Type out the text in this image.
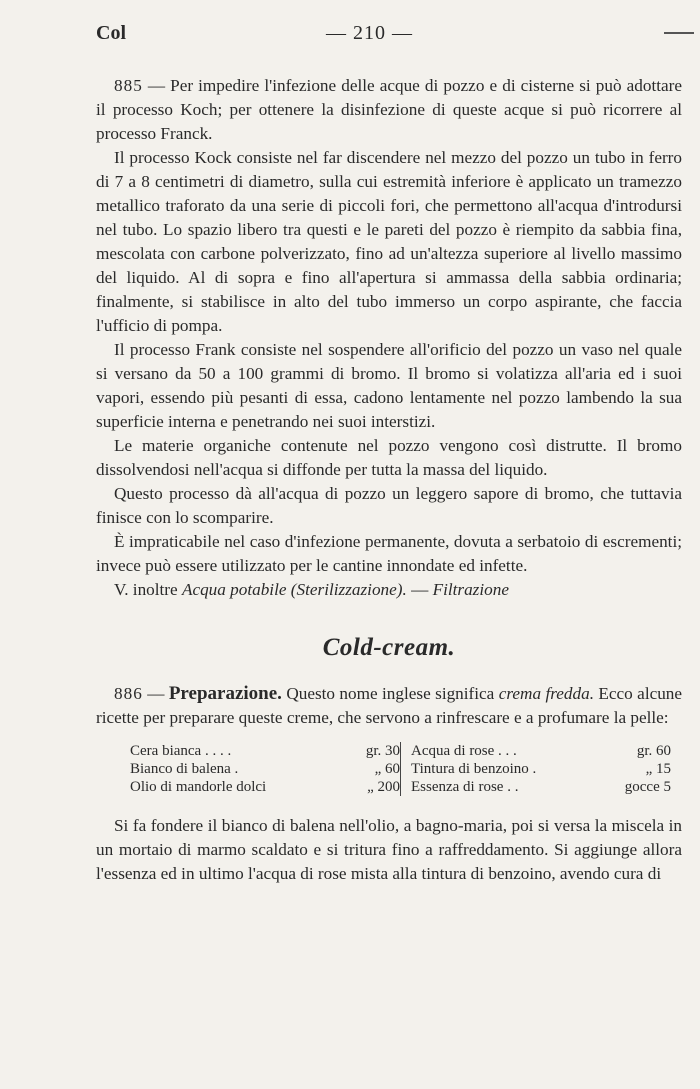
Col	— 210 —

885 — Per impedire l'infezione delle acque di pozzo e di cisterne si può adottare il processo Koch; per ottenere la disinfezione di queste acque si può ricorrere al processo Franck.

Il processo Kock consiste nel far discendere nel mezzo del pozzo un tubo in ferro di 7 a 8 centimetri di diametro, sulla cui estremità inferiore è applicato un tramezzo metallico traforato da una serie di piccoli fori, che permettono all'acqua d'introdursi nel tubo. Lo spazio libero tra questi e le pareti del pozzo è riempito da sabbia fina, mescolata con carbone polverizzato, fino ad un'altezza superiore al livello massimo del liquido. Al di sopra e fino all'apertura si ammassa della sabbia ordinaria; finalmente, si stabilisce in alto del tubo immerso un corpo aspirante, che faccia l'ufficio di pompa.

Il processo Frank consiste nel sospendere all'orificio del pozzo un vaso nel quale si versano da 50 a 100 grammi di bromo. Il bromo si volatizza all'aria ed i suoi vapori, essendo più pesanti di essa, cadono lentamente nel pozzo lambendo la sua superficie interna e penetrando nei suoi interstizi.

Le materie organiche contenute nel pozzo vengono così distrutte. Il bromo dissolvendosi nell'acqua si diffonde per tutta la massa del liquido.

Questo processo dà all'acqua di pozzo un leggero sapore di bromo, che tuttavia finisce con lo scomparire.

È impraticabile nel caso d'infezione permanente, dovuta a serbatoio di escrementi; invece può essere utilizzato per le cantine innondate ed infette.

V. inoltre Acqua potabile (Sterilizzazione). — Filtrazione

Cold-cream.

886 — Preparazione. Questo nome inglese significa crema fredda. Ecco alcune ricette per preparare queste creme, che servono a rinfrescare e a profumare la pelle:

Cera bianca . . . .	gr. 30
Bianco di balena .	„ 60
Olio di mandorle dolci	„ 200
Acqua di rose . . .	gr. 60
Tintura di benzoino .	„ 15
Essenza di rose . .	gocce 5

Si fa fondere il bianco di balena nell'olio, a bagno-maria, poi si versa la miscela in un mortaio di marmo scaldato e si tritura fino a raffreddamento. Si aggiunge allora l'essenza ed in ultimo l'acqua di rose mista alla tintura di benzoino, avendo cura di
